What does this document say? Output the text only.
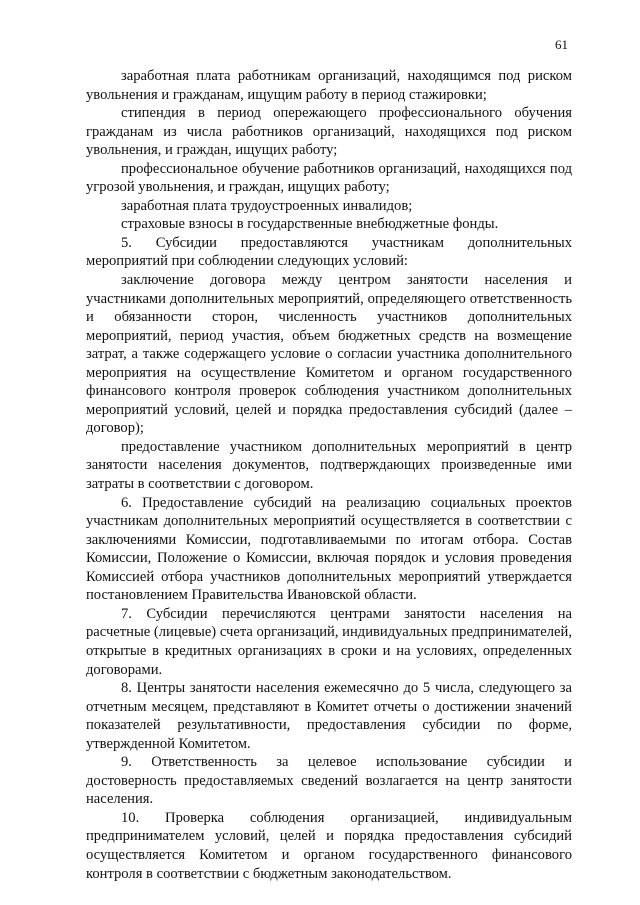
61

заработная плата работникам организаций, находящимся под риском увольнения и гражданам, ищущим работу в период стажировки;

стипендия в период опережающего профессионального обучения гражданам из числа работников организаций, находящихся под риском увольнения, и граждан, ищущих работу;

профессиональное обучение работников организаций, находящихся под угрозой увольнения, и граждан, ищущих работу;

заработная плата трудоустроенных инвалидов;

страховые взносы в государственные внебюджетные фонды.

5. Субсидии предоставляются участникам дополнительных мероприятий при соблюдении следующих условий:

заключение договора между центром занятости населения и участниками дополнительных мероприятий, определяющего ответственность и обязанности сторон, численность участников дополнительных мероприятий, период участия, объем бюджетных средств на возмещение затрат, а также содержащего условие о согласии участника дополнительного мероприятия на осуществление Комитетом и органом государственного финансового контроля проверок соблюдения участником дополнительных мероприятий условий, целей и порядка предоставления субсидий (далее – договор);

предоставление участником дополнительных мероприятий в центр занятости населения документов, подтверждающих произведенные ими затраты в соответствии с договором.

6. Предоставление субсидий на реализацию социальных проектов участникам дополнительных мероприятий осуществляется в соответствии с заключениями Комиссии, подготавливаемыми по итогам отбора. Состав Комиссии, Положение о Комиссии, включая порядок и условия проведения Комиссией отбора участников дополнительных мероприятий утверждается постановлением Правительства Ивановской области.

7. Субсидии перечисляются центрами занятости населения на расчетные (лицевые) счета организаций, индивидуальных предпринимателей, открытые в кредитных организациях в сроки и на условиях, определенных договорами.

8. Центры занятости населения ежемесячно до 5 числа, следующего за отчетным месяцем, представляют в Комитет отчеты о достижении значений показателей результативности, предоставления субсидии по форме, утвержденной Комитетом.

9. Ответственность за целевое использование субсидии и достоверность предоставляемых сведений возлагается на центр занятости населения.

10. Проверка соблюдения организацией, индивидуальным предпринимателем условий, целей и порядка предоставления субсидий осуществляется Комитетом и органом государственного финансового контроля в соответствии с бюджетным законодательством.
